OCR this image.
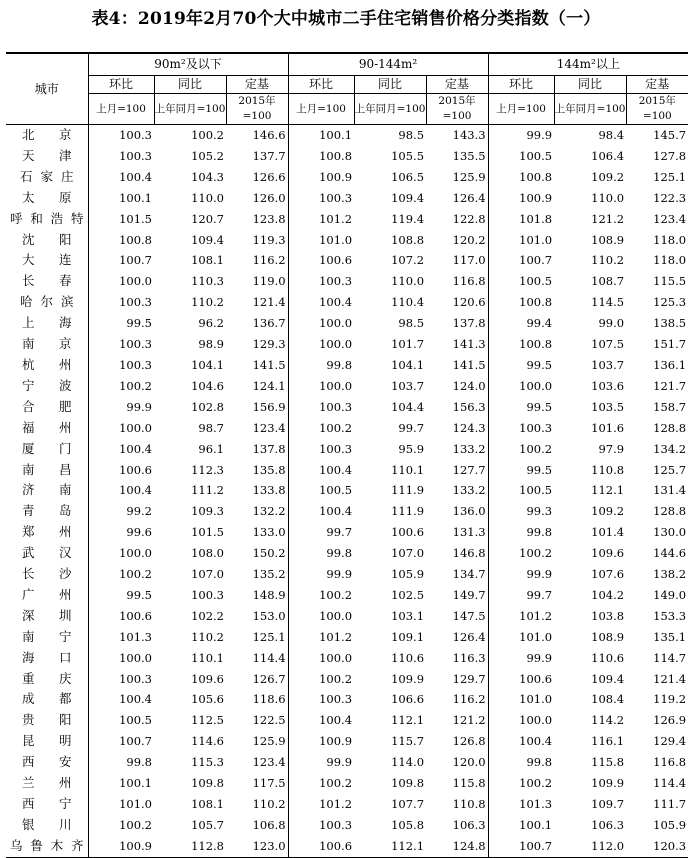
表4：2019年2月70个大中城市二手住宅销售价格分类指数（一）
城市	90m²及以下			90-144m²			144m²以上		
	环比	同比	定基	环比	同比	定基	环比	同比	定基
	上月=100	上年同月=100	2015年=100	上月=100	上年同月=100	2015年=100	上月=100	上年同月=100	2015年=100
北京	100.3	100.2	146.6	100.1	98.5	143.3	99.9	98.4	145.7
天津	100.3	105.2	137.7	100.8	105.5	135.5	100.5	106.4	127.8
石家庄	100.4	104.3	126.6	100.9	106.5	125.9	100.8	109.2	125.1
太原	100.1	110.0	126.0	100.3	109.4	126.4	100.9	110.0	122.3
呼和浩特	101.5	120.7	123.8	101.2	119.4	122.8	101.8	121.2	123.4
沈阳	100.8	109.4	119.3	101.0	108.8	120.2	101.0	108.9	118.0
大连	100.7	108.1	116.2	100.6	107.2	117.0	100.7	110.2	118.0
长春	100.0	110.3	119.0	100.3	110.0	116.8	100.5	108.7	115.5
哈尔滨	100.3	110.2	121.4	100.4	110.4	120.6	100.8	114.5	125.3
上海	99.5	96.2	136.7	100.0	98.5	137.8	99.4	99.0	138.5
南京	100.3	98.9	129.3	100.0	101.7	141.3	100.8	107.5	151.7
杭州	100.3	104.1	141.5	99.8	104.1	141.5	99.5	103.7	136.1
宁波	100.2	104.6	124.1	100.0	103.7	124.0	100.0	103.6	121.7
合肥	99.9	102.8	156.9	100.3	104.4	156.3	99.5	103.5	158.7
福州	100.0	98.7	123.4	100.2	99.7	124.3	100.3	101.6	128.8
厦门	100.4	96.1	137.8	100.3	95.9	133.2	100.2	97.9	134.2
南昌	100.6	112.3	135.8	100.4	110.1	127.7	99.5	110.8	125.7
济南	100.4	111.2	133.8	100.5	111.9	133.2	100.5	112.1	131.4
青岛	99.2	109.3	132.2	100.4	111.9	136.0	99.3	109.2	128.8
郑州	99.6	101.5	133.0	99.7	100.6	131.3	99.8	101.4	130.0
武汉	100.0	108.0	150.2	99.8	107.0	146.8	100.2	109.6	144.6
长沙	100.2	107.0	135.2	99.9	105.9	134.7	99.9	107.6	138.2
广州	99.5	100.3	148.9	100.2	102.5	149.7	99.7	104.2	149.0
深圳	100.6	102.2	153.0	100.0	103.1	147.5	101.2	103.8	153.3
南宁	101.3	110.2	125.1	101.2	109.1	126.4	101.0	108.9	135.1
海口	100.0	110.1	114.4	100.0	110.6	116.3	99.9	110.6	114.7
重庆	100.3	109.6	126.7	100.2	109.9	129.7	100.6	109.4	121.4
成都	100.4	105.6	118.6	100.3	106.6	116.2	101.0	108.4	119.2
贵阳	100.5	112.5	122.5	100.4	112.1	121.2	100.0	114.2	126.9
昆明	100.7	114.6	125.9	100.9	115.7	126.8	100.4	116.1	129.4
西安	99.8	115.3	123.4	99.9	114.0	120.0	99.8	115.8	116.8
兰州	100.1	109.8	117.5	100.2	109.8	115.8	100.2	109.9	114.4
西宁	101.0	108.1	110.2	101.2	107.7	110.8	101.3	109.7	111.7
银川	100.2	105.7	106.8	100.3	105.8	106.3	100.1	106.3	105.9
乌鲁木齐	100.9	112.8	123.0	100.6	112.1	124.8	100.7	112.0	120.3
